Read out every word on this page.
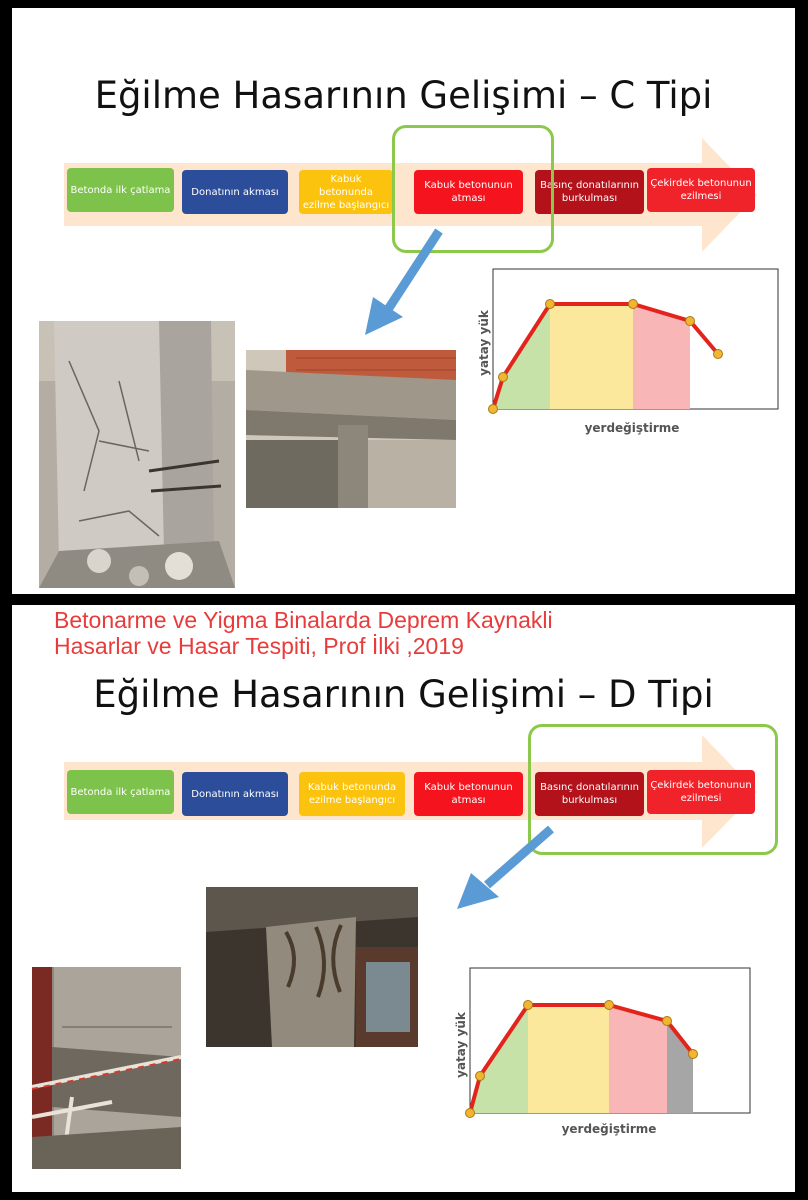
Eğilme Hasarının Gelişimi – C Tipi
Betonda ilk çatlama	Donatının akması
Kabuk betonunda ezilme başlangıcı
Kabuk betonunun atması
Basınç donatılarının burkulması
Çekirdek betonunun ezilmesi
yatay yük
yerdeğiştirme
Betonarme ve Yigma Binalarda Deprem Kaynakli
Hasarlar ve Hasar Tespiti, Prof İlki ,2019
Eğilme Hasarının Gelişimi – D Tipi
Betonda ilk çatlama	Donatının akması
Kabuk betonunda ezilme başlangıcı
Kabuk betonunun atması
Basınç donatılarının burkulması
Çekirdek betonunun ezilmesi
yatay yük
yerdeğiştirme
